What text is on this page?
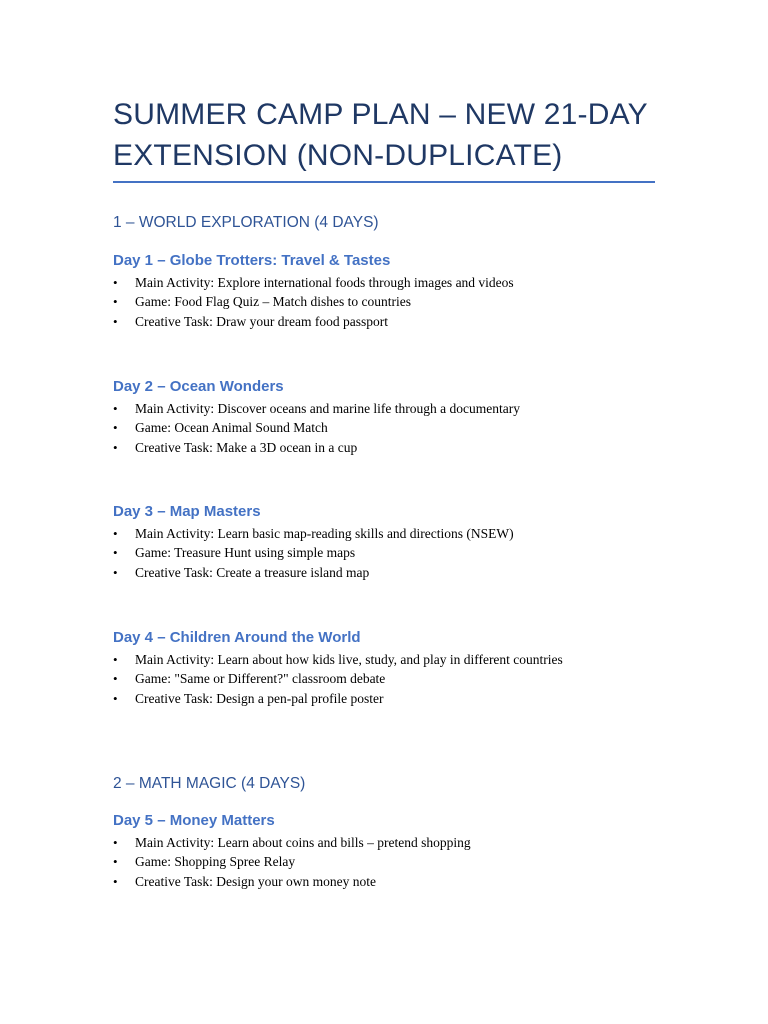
SUMMER CAMP PLAN – NEW 21-DAY
EXTENSION (NON-DUPLICATE)
1 – WORLD EXPLORATION (4 DAYS)
Day 1 – Globe Trotters: Travel & Tastes
• Main Activity: Explore international foods through images and videos
• Game: Food Flag Quiz – Match dishes to countries
• Creative Task: Draw your dream food passport
Day 2 – Ocean Wonders
• Main Activity: Discover oceans and marine life through a documentary
• Game: Ocean Animal Sound Match
• Creative Task: Make a 3D ocean in a cup
Day 3 – Map Masters
• Main Activity: Learn basic map-reading skills and directions (NSEW)
• Game: Treasure Hunt using simple maps
• Creative Task: Create a treasure island map
Day 4 – Children Around the World
• Main Activity: Learn about how kids live, study, and play in different countries
• Game: "Same or Different?" classroom debate
• Creative Task: Design a pen-pal profile poster
2 – MATH MAGIC (4 DAYS)
Day 5 – Money Matters
• Main Activity: Learn about coins and bills – pretend shopping
• Game: Shopping Spree Relay
• Creative Task: Design your own money note
